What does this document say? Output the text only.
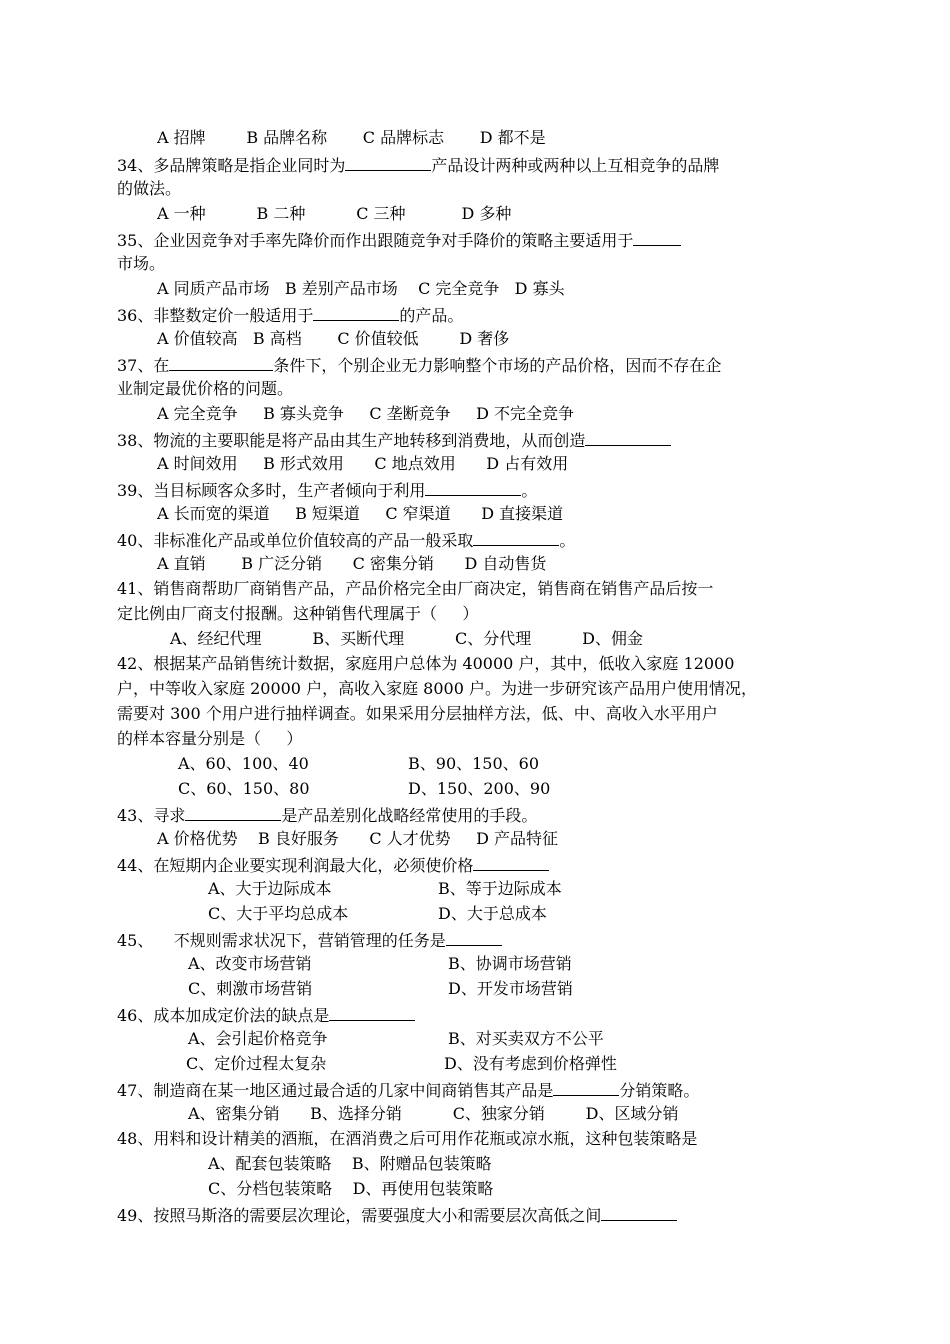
A 招牌        B 品牌名称       C 品牌标志       D 都不是
34、多品牌策略是指企业同时为	产品设计两种或两种以上互相竞争的品牌
的做法。
A 一种          B 二种          C 三种           D 多种
35、企业因竞争对手率先降价而作出跟随竞争对手降价的策略主要适用于
市场。
A 同质产品市场   B 差别产品市场    C 完全竞争   D 寡头
36、非整数定价一般适用于	的产品。
A 价值较高   B 高档       C 价值较低        D 奢侈
37、在	条件下，个别企业无力影响整个市场的产品价格，因而不存在企
业制定最优价格的问题。
A 完全竞争     B 寡头竞争     C 垄断竞争     D 不完全竞争
38、物流的主要职能是将产品由其生产地转移到消费地，从而创造
A 时间效用     B 形式效用      C 地点效用      D 占有效用
39、当目标顾客众多时，生产者倾向于利用	。
A 长而宽的渠道     B 短渠道     C 窄渠道      D 直接渠道
40、非标准化产品或单位价值较高的产品一般采取	。
A 直销       B 广泛分销      C 密集分销      D 自动售货
41、销售商帮助厂商销售产品，产品价格完全由厂商决定，销售商在销售产品后按一
定比例由厂商支付报酬。这种销售代理属于（     ）
A、经纪代理          B、买断代理          C、分代理          D、佣金
42、根据某产品销售统计数据，家庭用户总体为 40000 户，其中，低收入家庭 12000
户，中等收入家庭 20000 户，高收入家庭 8000 户。为进一步研究该产品用户使用情况，
需要对 300 个用户进行抽样调查。如果采用分层抽样方法，低、中、高收入水平用户
的样本容量分别是（     ）
A、60、100、40	B、90、150、60
C、60、150、80	D、150、200、90
43、寻求	是产品差别化战略经常使用的手段。
A 价格优势    B 良好服务      C 人才优势     D 产品特征
44、在短期内企业要实现利润最大化，必须使价格
A、大于边际成本	B、等于边际成本
C、大于平均总成本	D、大于总成本
45、    不规则需求状况下，营销管理的任务是
A、改变市场营销	B、协调市场营销
C、刺激市场营销	D、开发市场营销
46、成本加成定价法的缺点是
A、会引起价格竞争	B、对买卖双方不公平
C、定价过程太复杂	D、没有考虑到价格弹性
47、制造商在某一地区通过最合适的几家中间商销售其产品是	分销策略。
A、密集分销      B、选择分销          C、独家分销        D、区域分销
48、用料和设计精美的酒瓶，在酒消费之后可用作花瓶或凉水瓶，这种包装策略是
A、配套包装策略    B、附赠品包装策略
C、分档包装策略    D、再使用包装策略
49、按照马斯洛的需要层次理论，需要强度大小和需要层次高低之间
